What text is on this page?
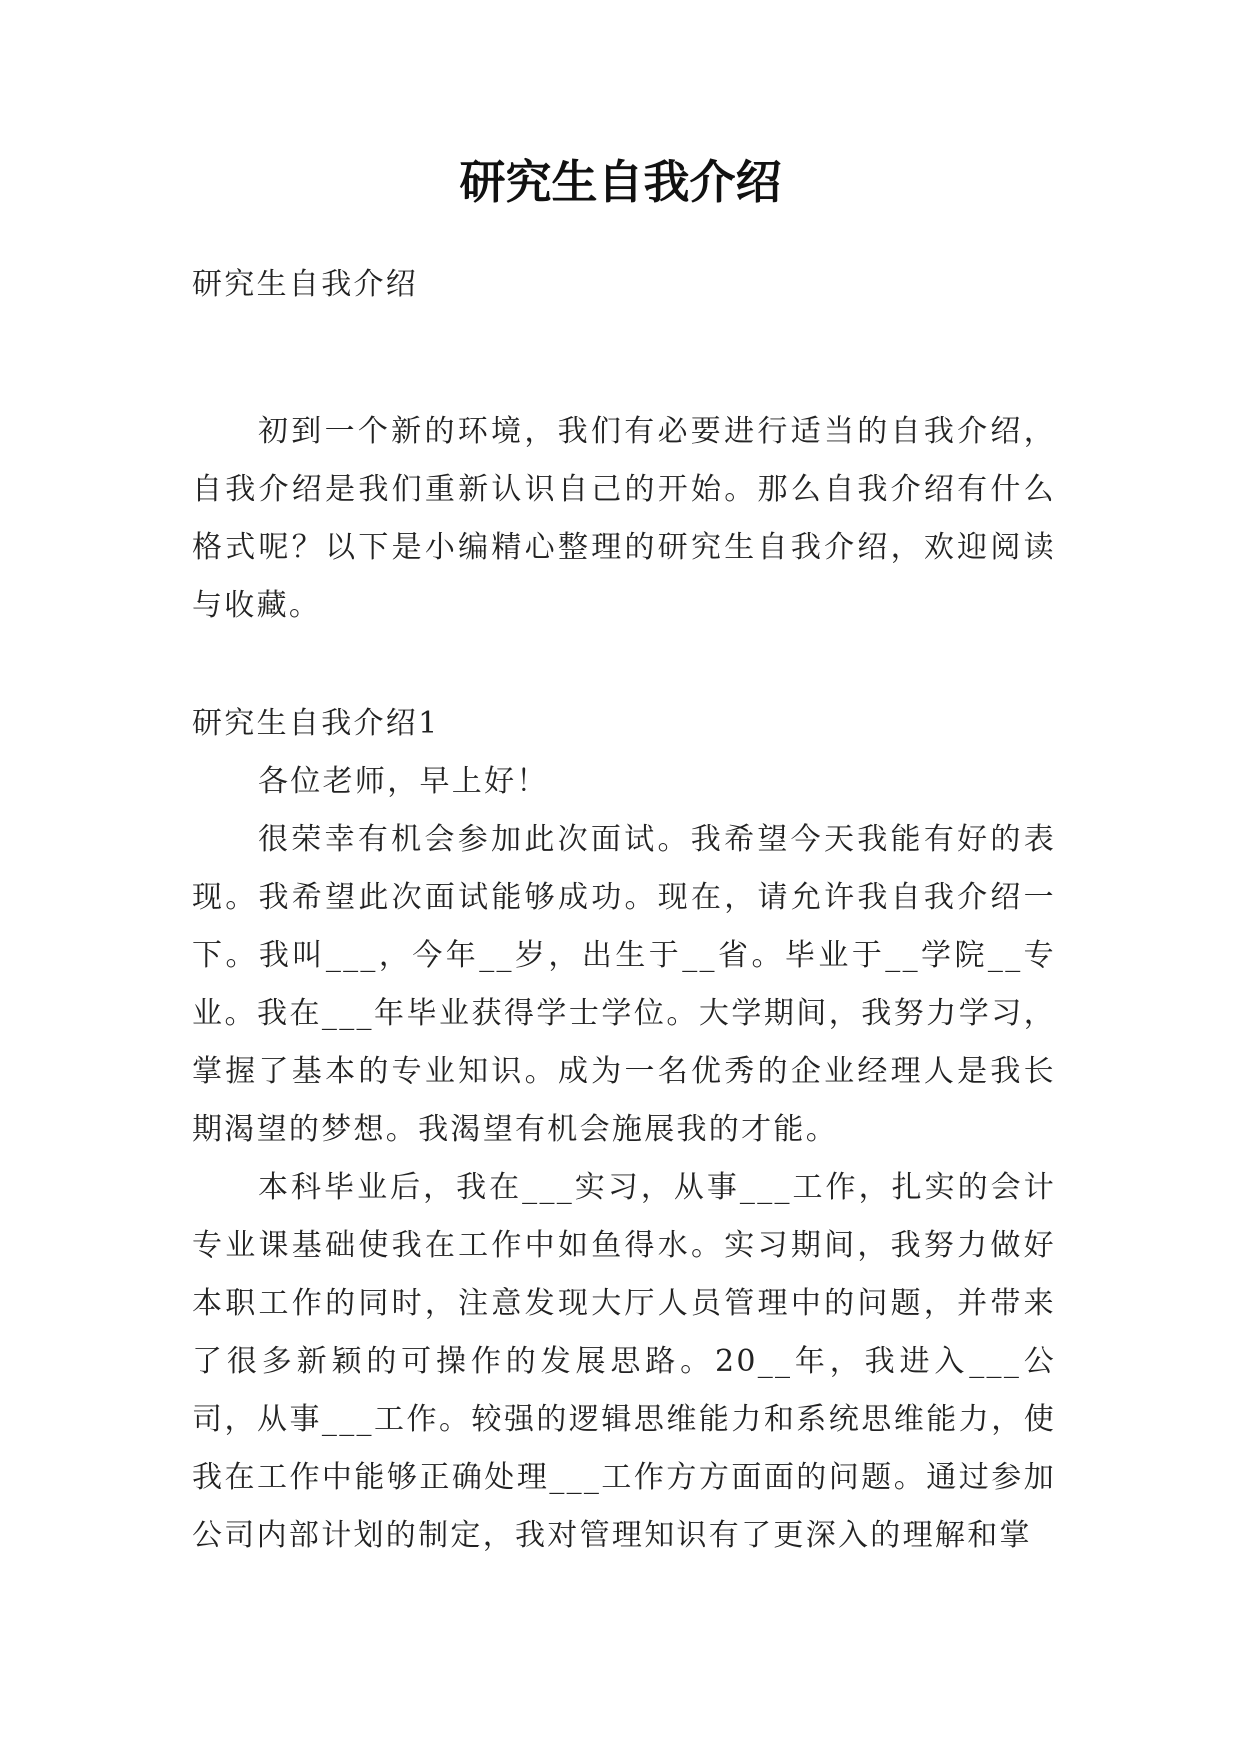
研究生自我介绍

研究生自我介绍

初到一个新的环境，我们有必要进行适当的自我介绍，自我介绍是我们重新认识自己的开始。那么自我介绍有什么格式呢？以下是小编精心整理的研究生自我介绍，欢迎阅读与收藏。

研究生自我介绍1

各位老师，早上好！

很荣幸有机会参加此次面试。我希望今天我能有好的表现。我希望此次面试能够成功。现在，请允许我自我介绍一下。我叫___，今年__岁，出生于__省。毕业于__学院__专业。我在___年毕业获得学士学位。大学期间，我努力学习，掌握了基本的专业知识。成为一名优秀的企业经理人是我长期渴望的梦想。我渴望有机会施展我的才能。

本科毕业后，我在___实习，从事___工作，扎实的会计专业课基础使我在工作中如鱼得水。实习期间，我努力做好本职工作的同时，注意发现大厅人员管理中的问题，并带来了很多新颖的可操作的发展思路。20__年，我进入___公司，从事___工作。较强的逻辑思维能力和系统思维能力，使我在工作中能够正确处理___工作方方面面的问题。通过参加公司内部计划的制定，我对管理知识有了更深入的理解和掌
